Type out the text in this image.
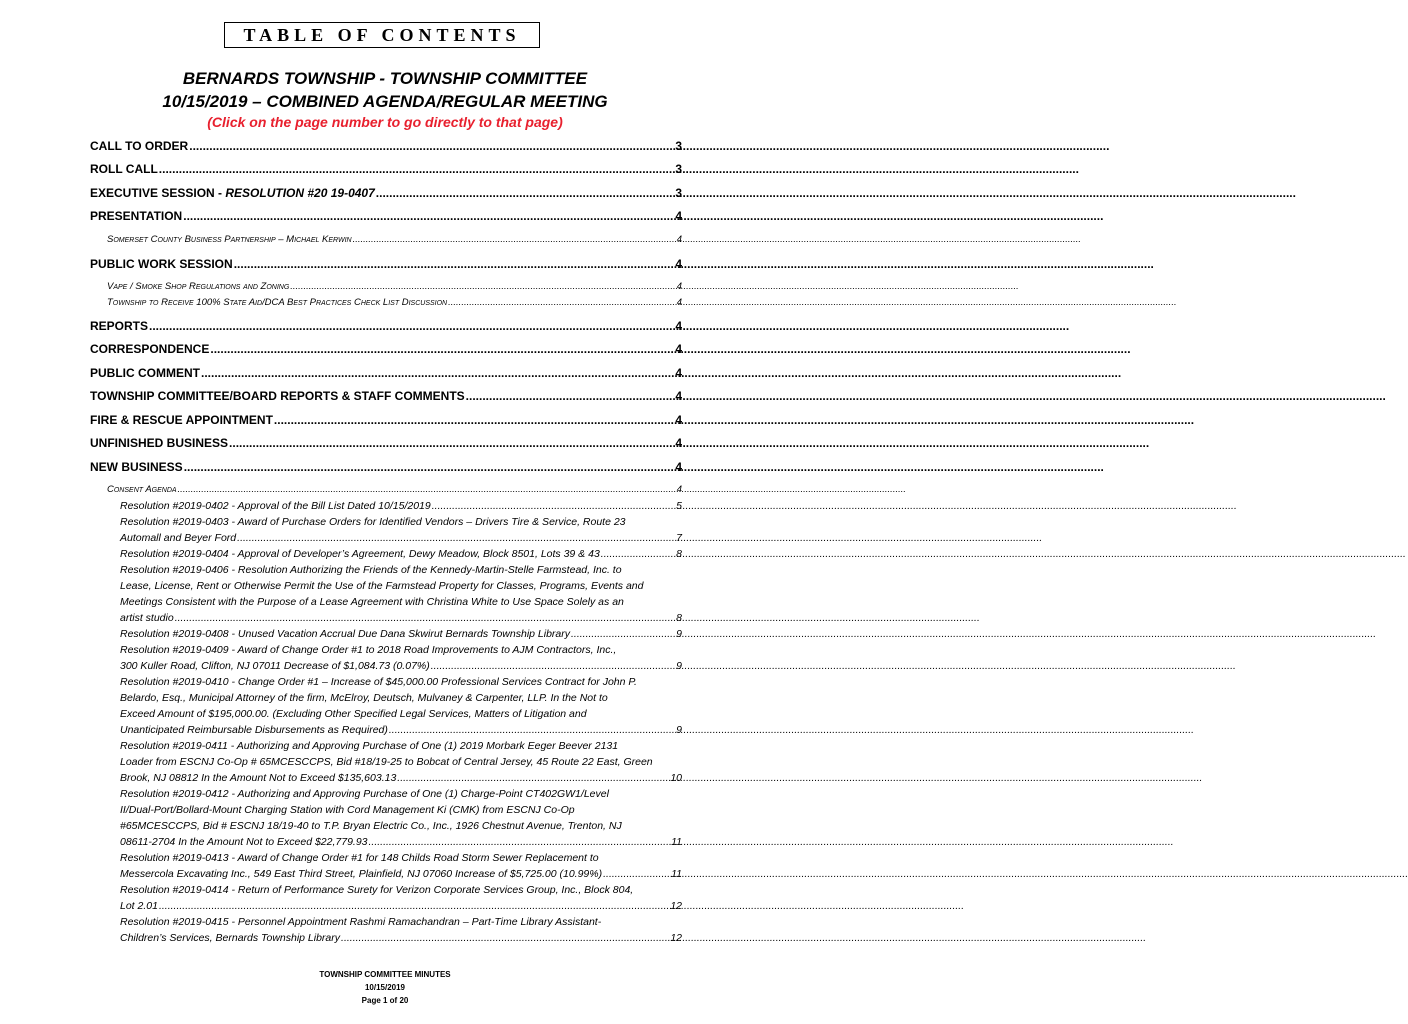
TABLE OF CONTENTS
BERNARDS TOWNSHIP - TOWNSHIP COMMITTEE
10/15/2019 – COMBINED AGENDA/REGULAR MEETING
(Click on the page number to go directly to that page)
CALL TO ORDER .....	3
ROLL CALL .....	3
EXECUTIVE SESSION - RESOLUTION #20 19-0407 .....	3
PRESENTATION .....	4
Somerset County Business Partnership – Michael Kerwin .....	4
PUBLIC WORK SESSION .....	4
Vape / Smoke Shop Regulations and Zoning .....	4
Township to Receive 100% State Aid/DCA Best Practices Check List Discussion .....	4
REPORTS .....	4
CORRESPONDENCE .....	4
PUBLIC COMMENT .....	4
TOWNSHIP COMMITTEE/BOARD REPORTS & STAFF COMMENTS .....	4
FIRE & RESCUE APPOINTMENT .....	4
UNFINISHED BUSINESS .....	4
NEW BUSINESS .....	4
Consent Agenda .....	4
Resolution #2019-0402 - Approval of the Bill List Dated 10/15/2019 .....	5
Resolution #2019-0403 - Award of Purchase Orders for Identified Vendors – Drivers Tire & Service, Route 23
Automall and Beyer Ford .....	7
Resolution #2019-0404 - Approval of Developer’s Agreement, Dewy Meadow, Block 8501, Lots 39 & 43 .....	8
Resolution #2019-0406 - Resolution Authorizing the Friends of the Kennedy-Martin-Stelle Farmstead, Inc. to
Lease, License, Rent or Otherwise Permit the Use of the Farmstead Property for Classes, Programs, Events and
Meetings Consistent with the Purpose of a Lease Agreement with Christina White to Use Space Solely as an
artist studio .....	8
Resolution #2019-0408 - Unused Vacation Accrual Due Dana Skwirut Bernards Township Library .....	9
Resolution #2019-0409 - Award of Change Order #1 to 2018 Road Improvements to AJM Contractors, Inc.,
300 Kuller Road, Clifton, NJ 07011 Decrease of $1,084.73 (0.07%) .....	9
Resolution #2019-0410 - Change Order #1 – Increase of $45,000.00 Professional Services Contract for John P.
Belardo, Esq., Municipal Attorney of the firm, McElroy, Deutsch, Mulvaney & Carpenter, LLP. In the Not to
Exceed Amount of $195,000.00. (Excluding Other Specified Legal Services, Matters of Litigation and
Unanticipated Reimbursable Disbursements as Required) .....	9
Resolution #2019-0411 - Authorizing and Approving Purchase of One (1) 2019 Morbark Eeger Beever 2131
Loader from ESCNJ Co-Op # 65MCESCCPS, Bid #18/19-25 to Bobcat of Central Jersey, 45 Route 22 East, Green
Brook, NJ 08812 In the Amount Not to Exceed $135,603.13 .....	10
Resolution #2019-0412 - Authorizing and Approving Purchase of One (1) Charge-Point CT402GW1/Level
II/Dual-Port/Bollard-Mount Charging Station with Cord Management Ki (CMK) from ESCNJ Co-Op
#65MCESCCPS, Bid # ESCNJ 18/19-40 to T.P. Bryan Electric Co., Inc., 1926 Chestnut Avenue, Trenton, NJ
08611-2704 In the Amount Not to Exceed $22,779.93 .....	11
Resolution #2019-0413 - Award of Change Order #1 for 148 Childs Road Storm Sewer Replacement to
Messercola Excavating Inc., 549 East Third Street, Plainfield, NJ 07060 Increase of $5,725.00 (10.99%) .....	11
Resolution #2019-0414 - Return of Performance Surety for Verizon Corporate Services Group, Inc., Block 804,
Lot 2.01 .....	12
Resolution #2019-0415 - Personnel Appointment Rashmi Ramachandran – Part-Time Library Assistant-
Children’s Services, Bernards Township Library .....	12
TOWNSHIP COMMITTEE MINUTES
10/15/2019
Page 1 of 20
